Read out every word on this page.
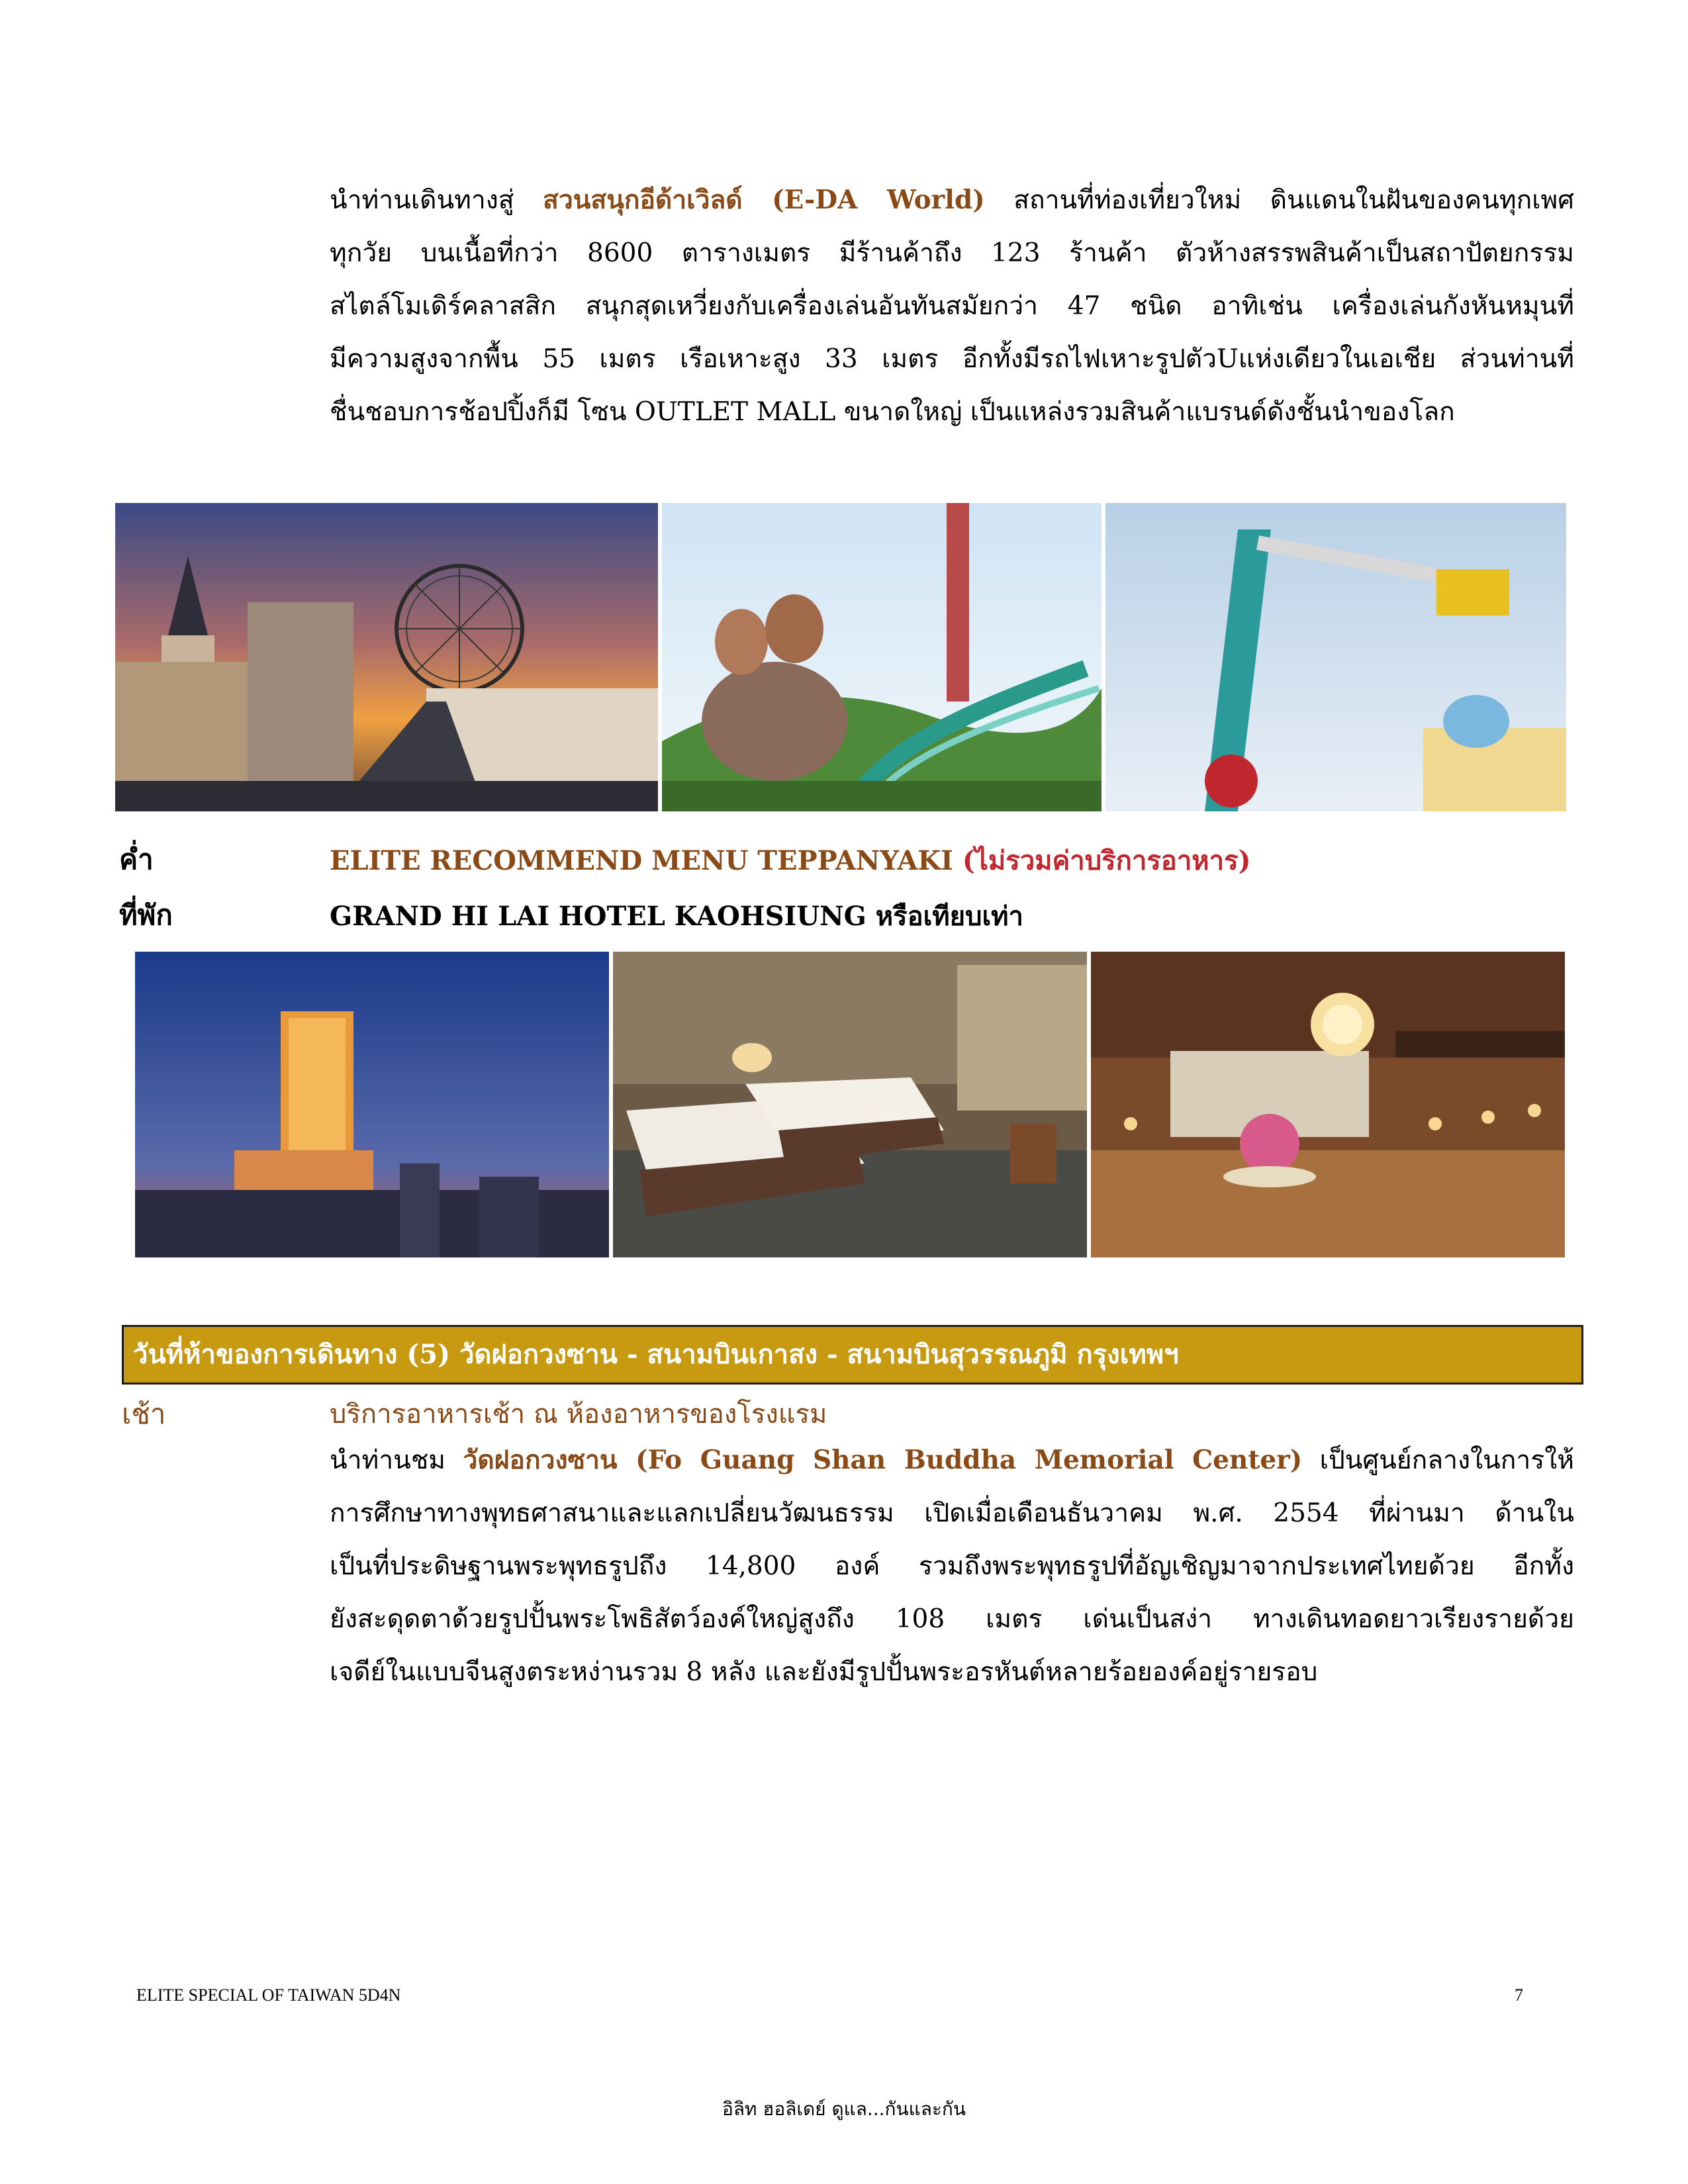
นำท่านเดินทางสู่ สวนสนุกอีด้าเวิลด์ (E-DA World) สถานที่ท่องเที่ยวใหม่ ดินแดนในฝันของคนทุกเพศ
ทุกวัย บนเนื้อที่กว่า 8600 ตารางเมตร มีร้านค้าถึง 123 ร้านค้า ตัวห้างสรรพสินค้าเป็นสถาปัตยกรรม
สไตล์โมเดิร์คลาสสิก สนุกสุดเหวี่ยงกับเครื่องเล่นอันทันสมัยกว่า 47 ชนิด อาทิเช่น เครื่องเล่นกังหันหมุนที่
มีความสูงจากพื้น 55 เมตร เรือเหาะสูง 33 เมตร อีกทั้งมีรถไฟเหาะรูปตัวUแห่งเดียวในเอเชีย ส่วนท่านที่
ชื่นชอบการช้อปปิ้งก็มี โซน OUTLET MALL ขนาดใหญ่ เป็นแหล่งรวมสินค้าแบรนด์ดังชั้นนำของโลก
ค่ำ	ELITE RECOMMEND MENU TEPPANYAKI (ไม่รวมค่าบริการอาหาร)
ที่พัก	GRAND HI LAI HOTEL KAOHSIUNG หรือเทียบเท่า
วันที่ห้าของการเดินทาง (5) วัดฝอกวงซาน - สนามบินเกาสง - สนามบินสุวรรณภูมิ กรุงเทพฯ
เช้า	บริการอาหารเช้า ณ ห้องอาหารของโรงแรม
นำท่านชม วัดฝอกวงซาน (Fo Guang Shan Buddha Memorial Center) เป็นศูนย์กลางในการให้
การศึกษาทางพุทธศาสนาและแลกเปลี่ยนวัฒนธรรม เปิดเมื่อเดือนธันวาคม พ.ศ. 2554 ที่ผ่านมา ด้านใน
เป็นที่ประดิษฐานพระพุทธรูปถึง 14,800 องค์ รวมถึงพระพุทธรูปที่อัญเชิญมาจากประเทศไทยด้วย อีกทั้ง
ยังสะดุดตาด้วยรูปปั้นพระโพธิสัตว์องค์ใหญ่สูงถึง 108 เมตร เด่นเป็นสง่า ทางเดินทอดยาวเรียงรายด้วย
เจดีย์ในแบบจีนสูงตระหง่านรวม 8 หลัง และยังมีรูปปั้นพระอรหันต์หลายร้อยองค์อยู่รายรอบ
ELITE SPECIAL OF TAIWAN 5D4N	7
อิลิท ฮอลิเดย์ ดูแล...กันและกัน
